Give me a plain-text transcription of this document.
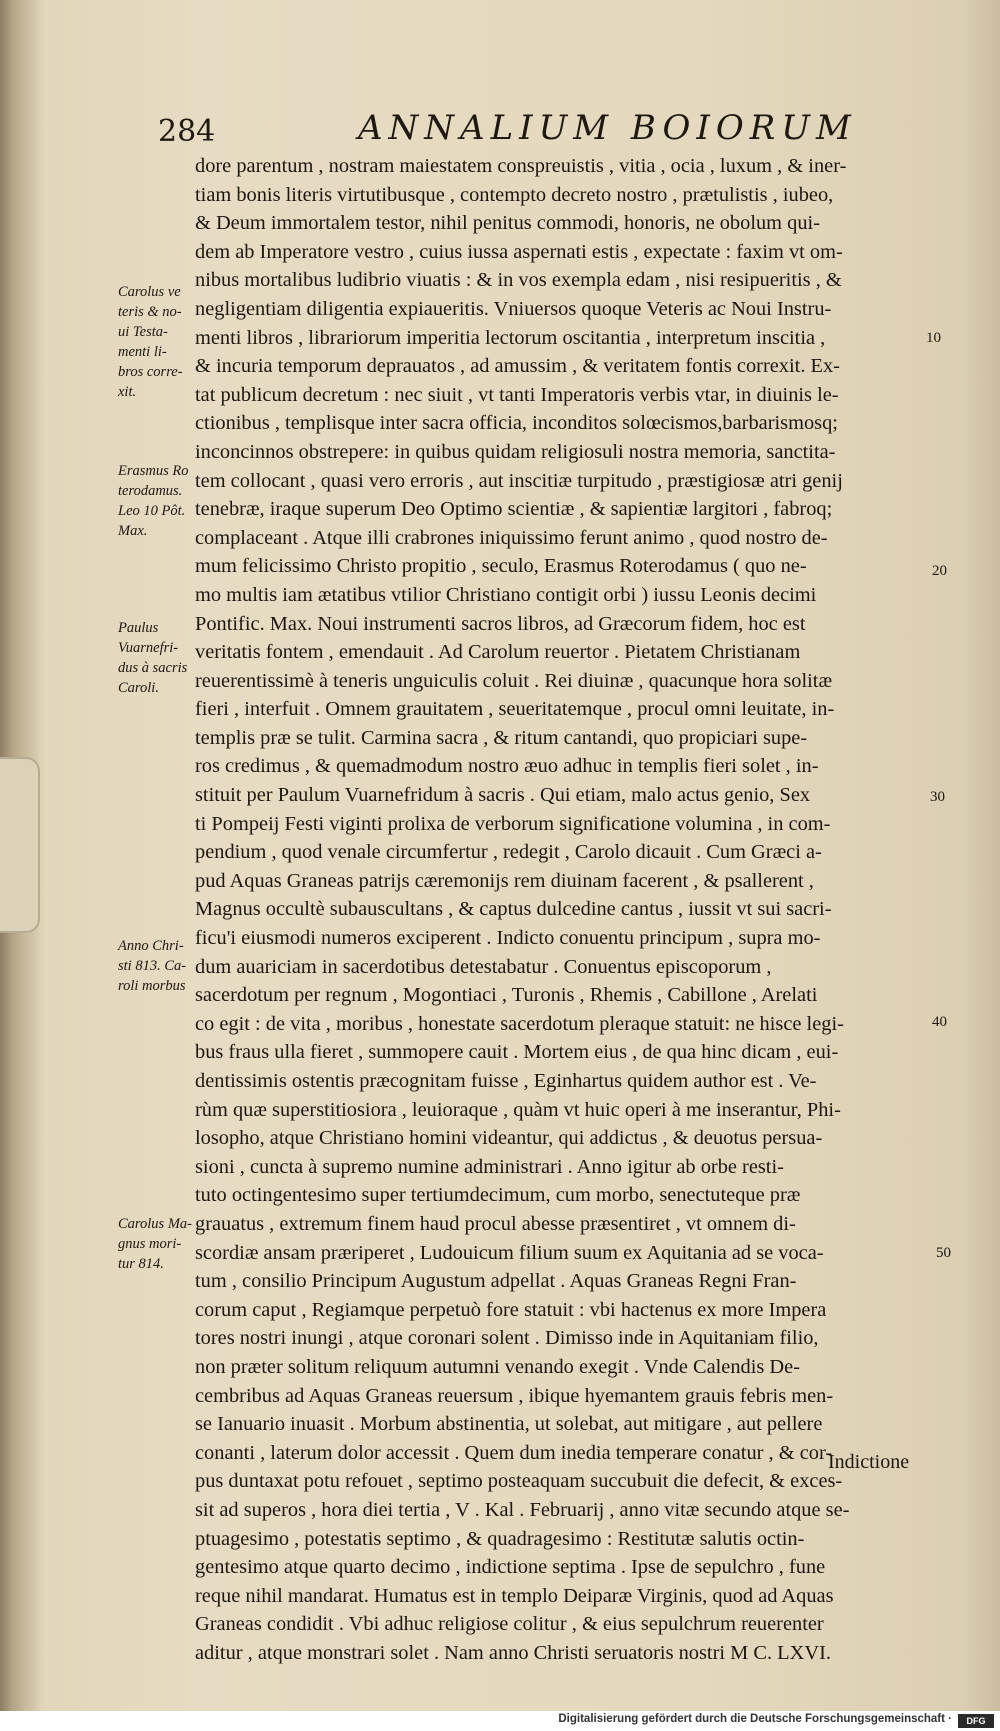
284	ANNALIUM BOIORUM

dore parentum , nostram maiestatem conspreuistis , vitia , ocia , luxum , & iner-

tiam bonis literis virtutibusque , contempto decreto nostro , prætulistis , iubeo,

& Deum immortalem testor, nihil penitus commodi, honoris, ne obolum qui-

dem ab Imperatore vestro , cuius iussa aspernati estis , expectate : faxim vt om-

nibus mortalibus ludibrio viuatis : & in vos exempla edam , nisi resipueritis , &

negligentiam diligentia expiaueritis. Vniuersos quoque Veteris ac Noui Instru-

menti libros , librariorum imperitia lectorum oscitantia , interpretum inscitia ,

& incuria temporum deprauatos , ad amussim , & veritatem fontis correxit. Ex-

tat publicum decretum : nec siuit , vt tanti Imperatoris verbis vtar, in diuinis le-

ctionibus , templisque inter sacra officia, inconditos solœcismos,barbarismosq;

inconcinnos obstrepere: in quibus quidam religiosuli nostra memoria, sanctita-

tem collocant , quasi vero erroris , aut inscitiæ turpitudo , præstigiosæ atri genij

tenebræ, iraque superum Deo Optimo scientiæ , & sapientiæ largitori , fabroq;

complaceant . Atque illi crabrones iniquissimo ferunt animo , quod nostro de-

mum felicissimo Christo propitio , seculo, Erasmus Roterodamus ( quo ne-

mo multis iam ætatibus vtilior Christiano contigit orbi ) iussu Leonis decimi

Pontific. Max. Noui instrumenti sacros libros, ad Græcorum fidem, hoc est

veritatis fontem , emendauit . Ad Carolum reuertor . Pietatem Christianam

reuerentissimè à teneris unguiculis coluit . Rei diuinæ , quacunque hora solitæ

fieri , interfuit . Omnem grauitatem , seueritatemque , procul omni leuitate, in-

templis præ se tulit. Carmina sacra , & ritum cantandi, quo propiciari supe-

ros credimus , & quemadmodum nostro æuo adhuc in templis fieri solet , in-

stituit per Paulum Vuarnefridum à sacris . Qui etiam, malo actus genio, Sex

ti Pompeij Festi viginti prolixa de verborum significatione volumina , in com-

pendium , quod venale circumfertur , redegit , Carolo dicauit . Cum Græci a-

pud Aquas Graneas patrijs cæremonijs rem diuinam facerent , & psallerent ,

Magnus occultè subauscultans , & captus dulcedine cantus , iussit vt sui sacri-

ficu'i eiusmodi numeros exciperent . Indicto conuentu principum , supra mo-

dum auariciam in sacerdotibus detestabatur . Conuentus episcoporum ,

sacerdotum per regnum , Mogontiaci , Turonis , Rhemis , Cabillone , Arelati

co egit : de vita , moribus , honestate sacerdotum pleraque statuit: ne hisce legi-

bus fraus ulla fieret , summopere cauit . Mortem eius , de qua hinc dicam , eui-

dentissimis ostentis præcognitam fuisse , Eginhartus quidem author est . Ve-

rùm quæ superstitiosiora , leuioraque , quàm vt huic operi à me inserantur, Phi-

losopho, atque Christiano homini videantur, qui addictus , & deuotus persua-

sioni , cuncta à supremo numine administrari . Anno igitur ab orbe resti-

tuto octingentesimo super tertiumdecimum, cum morbo, senectuteque præ

grauatus , extremum finem haud procul abesse præsentiret , vt omnem di-

scordiæ ansam præriperet , Ludouicum filium suum ex Aquitania ad se voca-

tum , consilio Principum Augustum adpellat . Aquas Graneas Regni Fran-

corum caput , Regiamque perpetuò fore statuit : vbi hactenus ex more Impera

tores nostri inungi , atque coronari solent . Dimisso inde in Aquitaniam filio,

non præter solitum reliquum autumni venando exegit . Vnde Calendis De-

cembribus ad Aquas Graneas reuersum , ibique hyemantem grauis febris men-

se Ianuario inuasit . Morbum abstinentia, ut solebat, aut mitigare , aut pellere

conanti , laterum dolor accessit . Quem dum inedia temperare conatur , & cor-

pus duntaxat potu refouet , septimo posteaquam succubuit die defecit, & exces-

sit ad superos , hora diei tertia , V . Kal . Februarij , anno vitæ secundo atque se-

ptuagesimo , potestatis septimo , & quadragesimo : Restitutæ salutis octin-

gentesimo atque quarto decimo , indictione septima . Ipse de sepulchro , fune

reque nihil mandarat. Humatus est in templo Deiparæ Virginis, quod ad Aquas

Graneas condidit . Vbi adhuc religiose colitur , & eius sepulchrum reuerenter

aditur , atque monstrari solet . Nam anno Christi seruatoris nostri M C. LXVI.

Carolus ve

teris & no-

ui Testa-

menti li-

bros corre-

xit.

Erasmus Ro

terodamus.

Leo 10 Pôt.

Max.

Paulus

Vuarnefri-

dus à sacris

Caroli.

Anno Chri-

sti 813. Ca-

roli morbus

Carolus Ma-

gnus mori-

tur 814.

10
20
30
40
50
Indictione
Digitalisierung gefördert durch die Deutsche Forschungsgemeinschaft ·	DFG
